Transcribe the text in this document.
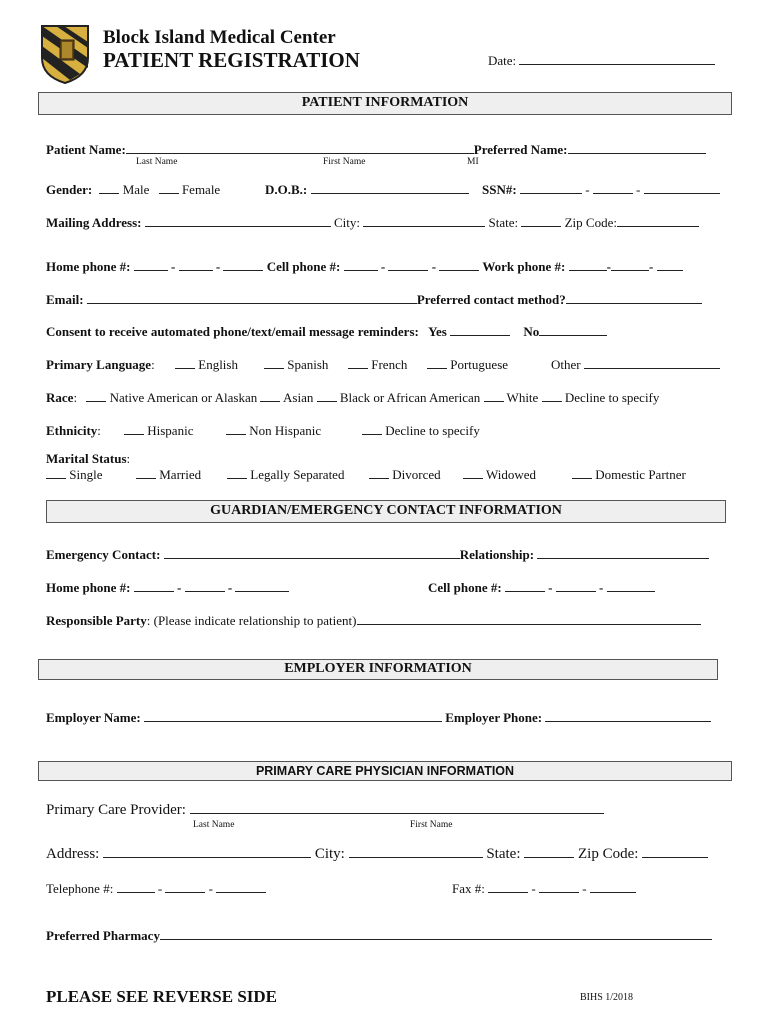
Block Island Medical Center
PATIENT REGISTRATION	Date:
PATIENT INFORMATION
Patient Name:	Preferred Name:
Last Name	First Name	MI
Gender: Male	Female	D.O.B.:	SSN#:	-	-
Mailing Address:	City:	State:	Zip Code:
Home phone #:	-	-	Cell phone #:	-	-	Work phone #:	-	-
Email:	Preferred contact method?
Consent to receive automated phone/text/email message reminders: Yes	No
Primary Language:	English	Spanish	French	Portuguese	Other
Race:  Native American or Alaskan Asian Black or African American White Decline to specify
Ethnicity:	Hispanic	Non Hispanic	Decline to specify
Marital Status:
Single	Married	Legally Separated	Divorced	Widowed	Domestic Partner
GUARDIAN/EMERGENCY CONTACT INFORMATION
Emergency Contact:	Relationship:
Home phone #:	-	-	Cell phone #:	-	-
Responsible Party: (Please indicate relationship to patient)
EMPLOYER INFORMATION
Employer Name:	Employer Phone:
PRIMARY CARE PHYSICIAN INFORMATION
Primary Care Provider:
Last Name	First Name
Address:	City:	State:	Zip Code:
Telephone #:	-	-	Fax #:	-	-
Preferred Pharmacy
PLEASE SEE REVERSE SIDE	BIHS 1/2018
